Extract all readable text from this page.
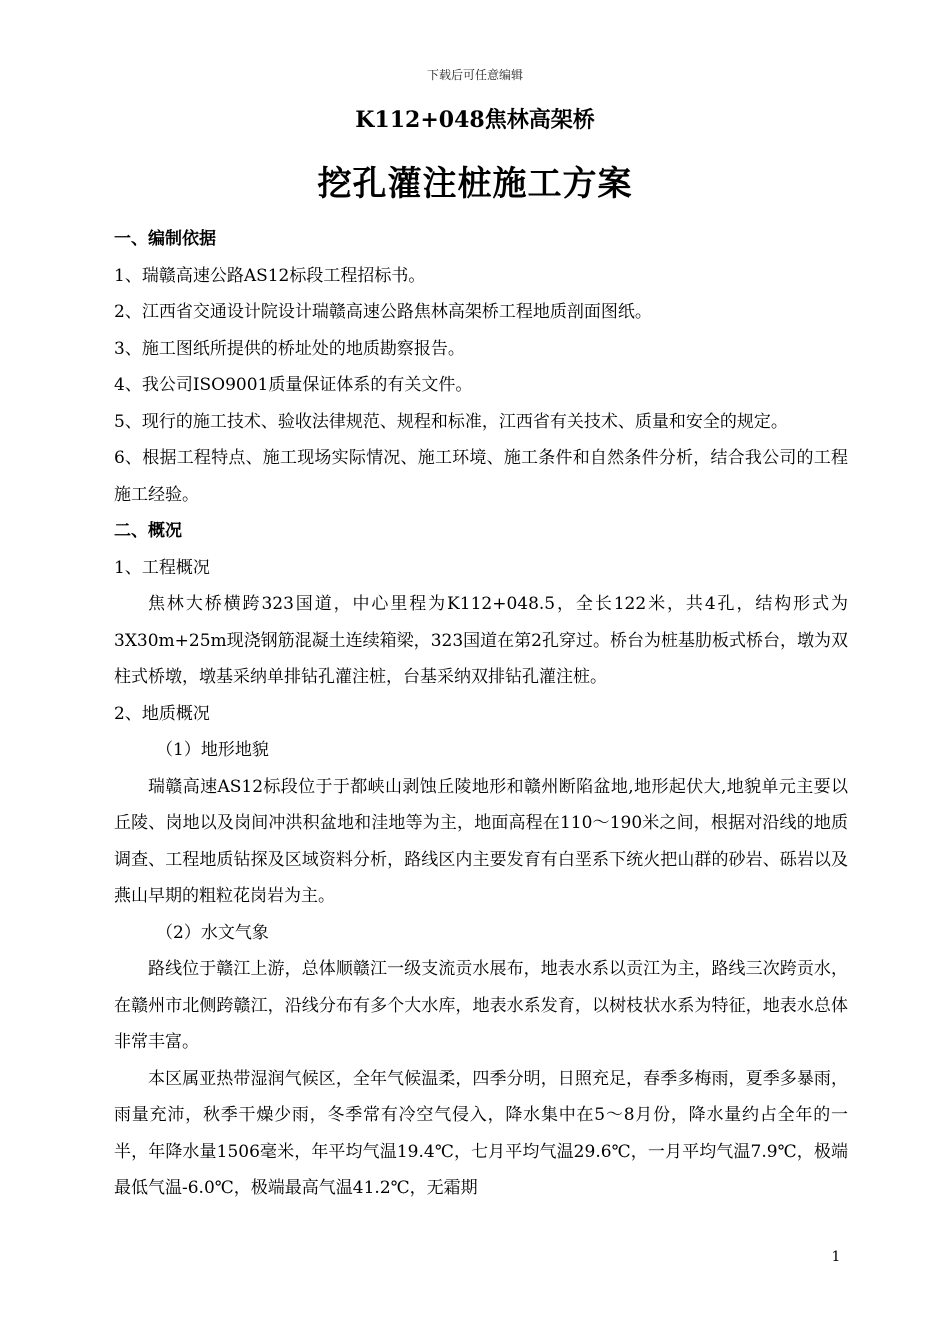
下载后可任意编辑
K112+048焦林高架桥
挖孔灌注桩施工方案

一、编制依据

1、瑞赣高速公路AS12标段工程招标书。

2、江西省交通设计院设计瑞赣高速公路焦林高架桥工程地质剖面图纸。

3、施工图纸所提供的桥址处的地质勘察报告。

4、我公司ISO9001质量保证体系的有关文件。

5、现行的施工技术、验收法律规范、规程和标准，江西省有关技术、质量和安全的规定。

6、根据工程特点、施工现场实际情况、施工环境、施工条件和自然条件分析，结合我公司的工程施工经验。

二、概况

1、工程概况

焦林大桥横跨323国道，中心里程为K112+048.5，全长122米，共4孔，结构形式为3X30m+25m现浇钢筋混凝土连续箱梁，323国道在第2孔穿过。桥台为桩基肋板式桥台，墩为双柱式桥墩，墩基采纳单排钻孔灌注桩，台基采纳双排钻孔灌注桩。

2、地质概况

（1）地形地貌

瑞赣高速AS12标段位于于都峡山剥蚀丘陵地形和赣州断陷盆地,地形起伏大,地貌单元主要以丘陵、岗地以及岗间冲洪积盆地和洼地等为主，地面高程在110～190米之间，根据对沿线的地质调查、工程地质钻探及区域资料分析，路线区内主要发育有白垩系下统火把山群的砂岩、砾岩以及燕山早期的粗粒花岗岩为主。

（2）水文气象

路线位于赣江上游，总体顺赣江一级支流贡水展布，地表水系以贡江为主，路线三次跨贡水，在赣州市北侧跨赣江，沿线分布有多个大水库，地表水系发育，以树枝状水系为特征，地表水总体非常丰富。

本区属亚热带湿润气候区，全年气候温柔，四季分明，日照充足，春季多梅雨，夏季多暴雨，雨量充沛，秋季干燥少雨，冬季常有冷空气侵入，降水集中在5～8月份，降水量约占全年的一半，年降水量1506毫米，年平均气温19.4℃，七月平均气温29.6℃，一月平均气温7.9℃，极端最低气温-6.0℃，极端最高气温41.2℃，无霜期

1
